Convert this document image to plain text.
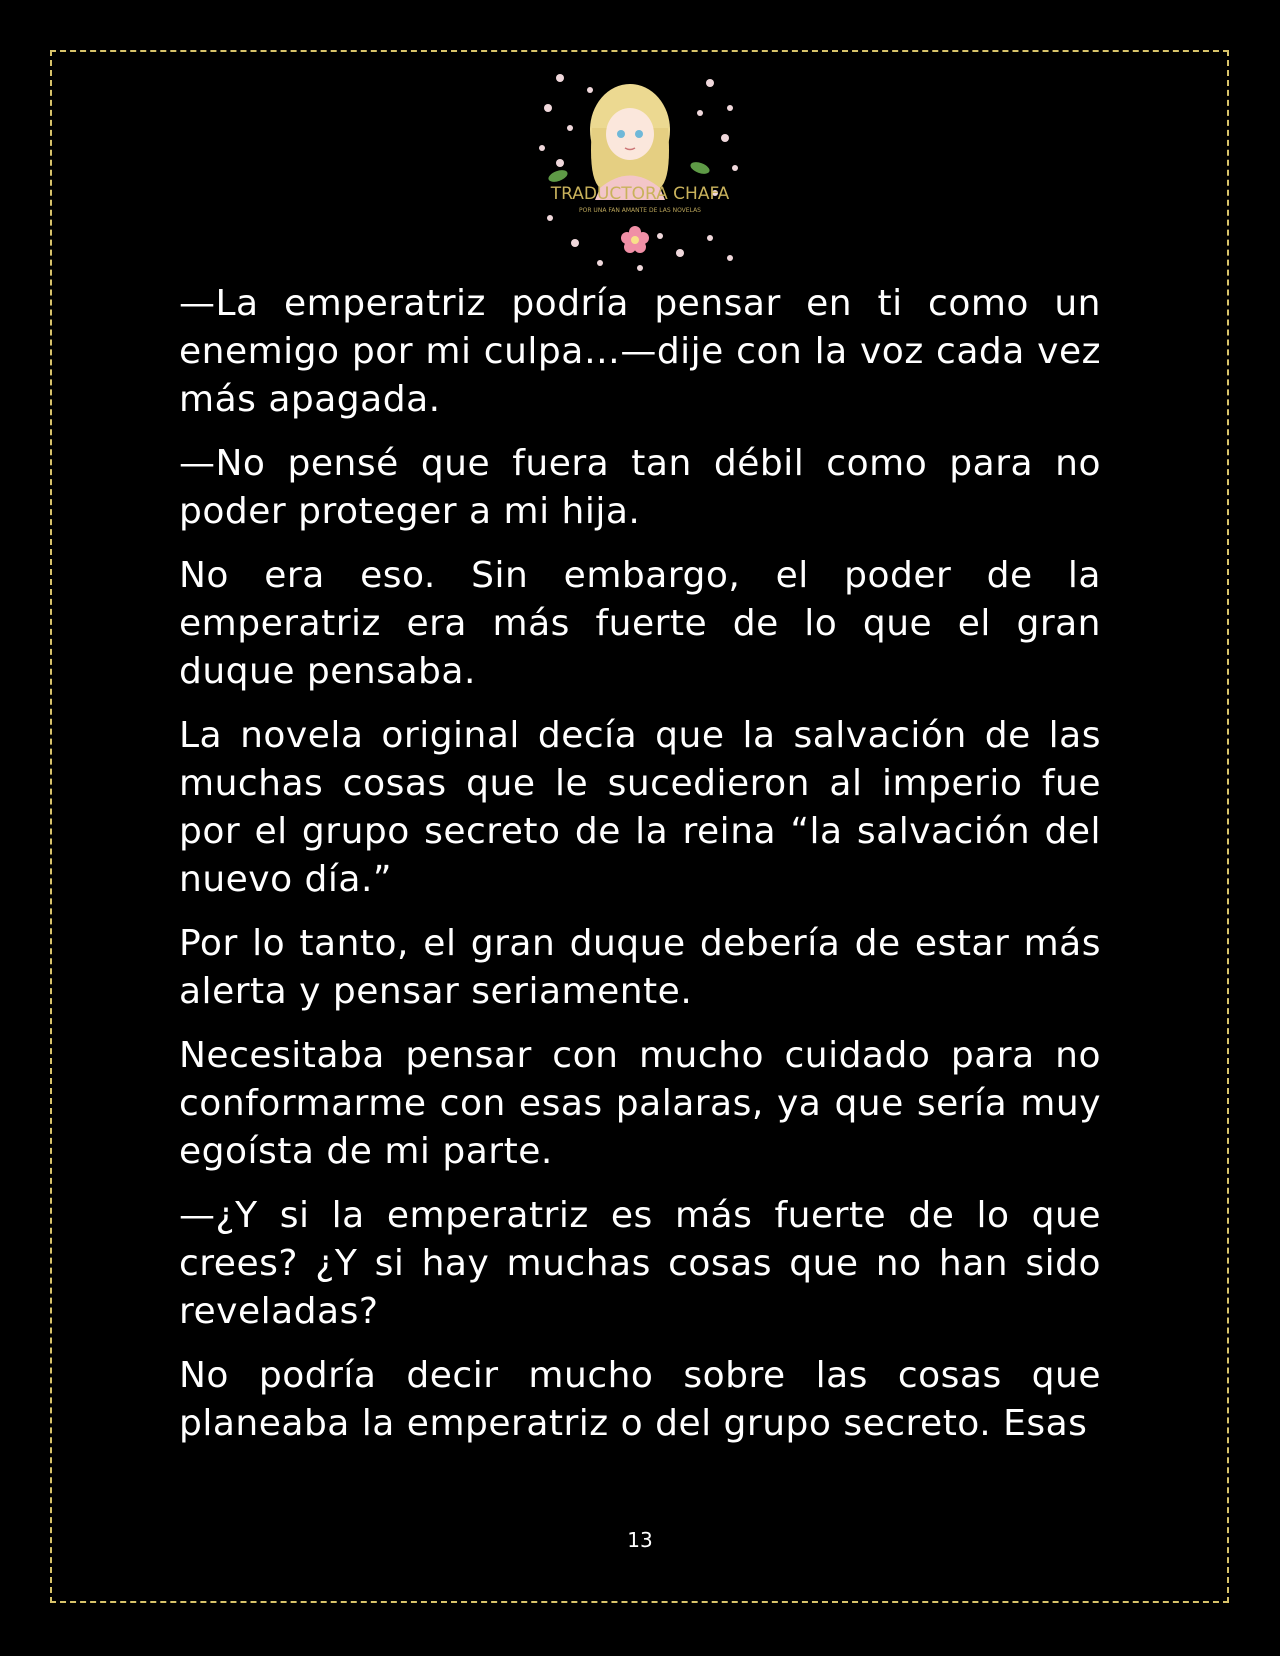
TRADUCTORA CHAFA
POR UNA FAN AMANTE DE LAS NOVELAS

—La emperatriz podría pensar en ti como un enemigo por mi culpa…—dije con la voz cada vez más apagada.

—No pensé que fuera tan débil como para no poder proteger a mi hija.

No era eso. Sin embargo, el poder de la emperatriz era más fuerte de lo que el gran duque pensaba.

La novela original decía que la salvación de las muchas cosas que le sucedieron al imperio fue por el grupo secreto de la reina “la salvación del nuevo día.”

Por lo tanto, el gran duque debería de estar más alerta y pensar seriamente.

Necesitaba pensar con mucho cuidado para no conformarme con esas palaras, ya que sería muy egoísta de mi parte.

—¿Y si la emperatriz es más fuerte de lo que crees? ¿Y si hay muchas cosas que no han sido reveladas?

No podría decir mucho sobre las cosas que planeaba la emperatriz o del grupo secreto. Esas

13
